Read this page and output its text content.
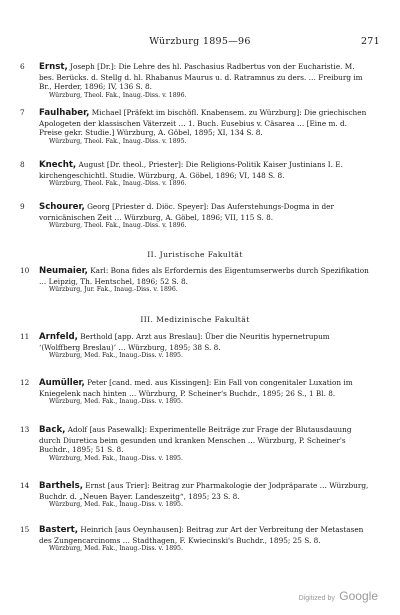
Würzburg 1895—96	271
6	Ernst, Joseph [Dr.]: Die Lehre des hl. Paschasius Radbertus von der Eucharistie. M. bes. Berücks. d. Stellg d. hl. Rhabanus Maurus u. d. Ratramnus zu ders. … Freiburg im Br., Herder, 1896; IV, 136 S. 8.
Würzburg, Theol. Fak., Inaug.-Diss. v. 1896.
7	Faulhaber, Michael [Präfekt im bischöfl. Knabensem. zu Würzburg]: Die griechischen Apologeten der klassischen Väterzeit … 1. Buch. Eusebius v. Cäsarea … [Eine m. d. Preise gekr. Studie.] Würzburg, A. Göbel, 1895; XI, 134 S. 8.
Würzburg, Theol. Fak., Inaug.-Diss. v. 1895.
8	Knecht, August [Dr. theol., Priester]: Die Religions-Politik Kaiser Justinians I. E. kirchengeschichtl. Studie. Würzburg, A. Göbel, 1896; VI, 148 S. 8.
Würzburg, Theol. Fak., Inaug.-Diss. v. 1896.
9	Schourer, Georg [Priester d. Diöc. Speyer]: Das Auferstehungs-Dogma in der vornicänischen Zeit … Würzburg, A. Göbel, 1896; VII, 115 S. 8.
Würzburg, Theol. Fak., Inaug.-Diss. v. 1896.
II. Juristische Fakultät
10	Neumaier, Karl: Bona fides als Erfordernis des Eigentumserwerbs durch Spezifikation … Leipzig, Th. Hentschel, 1896; 52 S. 8.
Würzburg, Jur. Fak., Inaug.-Diss. v. 1896.
III. Medizinische Fakultät
11	Arnfeld, Berthold [app. Arzt aus Breslau]: Über die Neuritis hypernetrupum ‘(Wolffberg Breslau)’ … Würzburg, 1895; 38 S. 8.
Würzburg, Med. Fak., Inaug.-Diss. v. 1895.
12	Aumüller, Peter [cand. med. aus Kissingen]: Ein Fall von congenitaler Luxation im Kniegelenk nach hinten … Würzburg, P. Scheiner's Buchdr., 1895; 26 S., 1 Bl. 8.
Würzburg, Med. Fak., Inaug.-Diss. v. 1895.
13	Back, Adolf [aus Pasewalk]: Experimentelle Beiträge zur Frage der Blutausdauung durch Diuretica beim gesunden und kranken Menschen … Würzburg, P. Scheiner's Buchdr., 1895; 51 S. 8.
Würzburg, Med. Fak., Inaug.-Diss. v. 1895.
14	Barthels, Ernst [aus Trier]: Beitrag zur Pharmakologie der Jodpräparate … Würzburg, Buchdr. d. „Neuen Bayer. Landeszeitg“, 1895; 23 S. 8.
Würzburg, Med. Fak., Inaug.-Diss. v. 1895.
15	Bastert, Heinrich [aus Oeynhausen]: Beitrag zur Art der Verbreitung der Metastasen des Zungencarcinoms … Stadthagen, F. Kwiecinski's Buchdr., 1895; 25 S. 8.
Würzburg, Med. Fak., Inaug.-Diss. v. 1895.
Digitized by Google
